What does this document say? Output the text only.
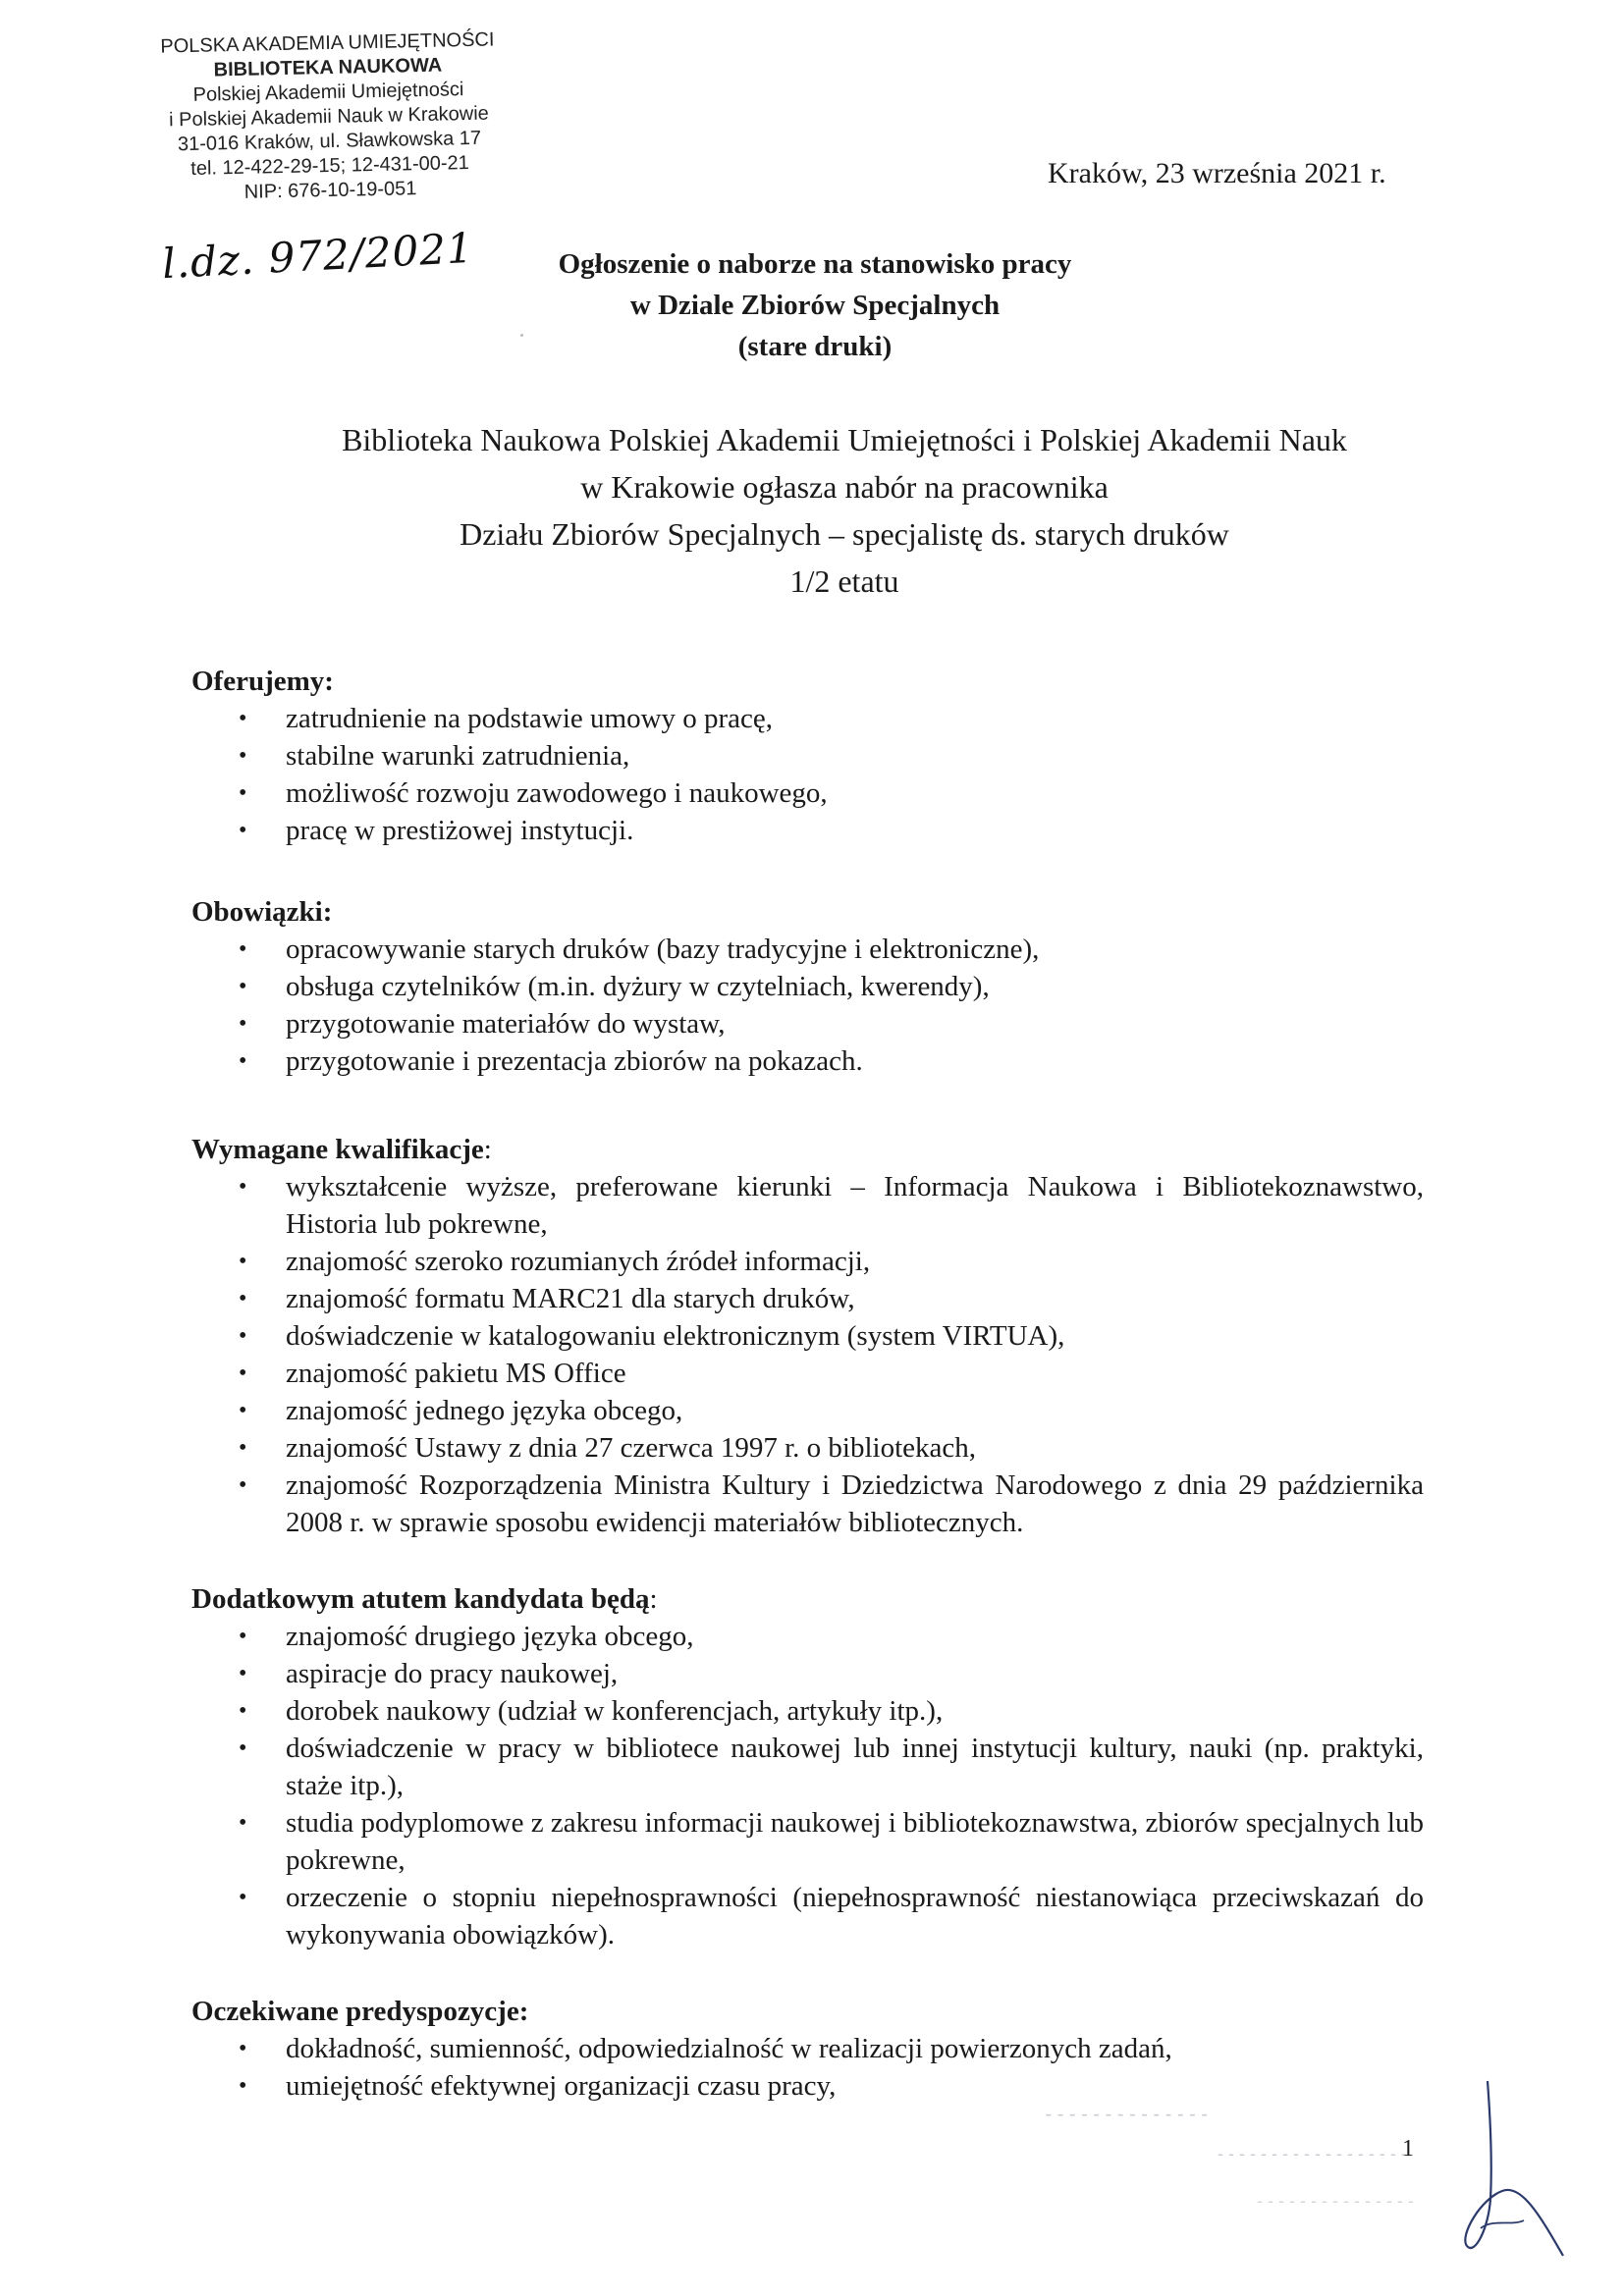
POLSKA AKADEMIA UMIEJĘTNOŚCI
BIBLIOTEKA NAUKOWA
Polskiej Akademii Umiejętności
i Polskiej Akademii Nauk w Krakowie
31-016 Kraków, ul. Sławkowska 17
tel. 12-422-29-15; 12-431-00-21
NIP: 676-10-19-051
l.dz. 972/2021
Kraków, 23 września 2021 r.
Ogłoszenie o naborze na stanowisko pracy
w Dziale Zbiorów Specjalnych
(stare druki)
Biblioteka Naukowa Polskiej Akademii Umiejętności i Polskiej Akademii Nauk
w Krakowie ogłasza nabór na pracownika
Działu Zbiorów Specjalnych – specjalistę ds. starych druków
1/2 etatu
Oferujemy:
• zatrudnienie na podstawie umowy o pracę,
• stabilne warunki zatrudnienia,
• możliwość rozwoju zawodowego i naukowego,
• pracę w prestiżowej instytucji.
Obowiązki:
• opracowywanie starych druków (bazy tradycyjne i elektroniczne),
• obsługa czytelników (m.in. dyżury w czytelniach, kwerendy),
• przygotowanie materiałów do wystaw,
• przygotowanie i prezentacja zbiorów na pokazach.
Wymagane kwalifikacje:
• wykształcenie wyższe, preferowane kierunki – Informacja Naukowa i Bibliotekoznawstwo, Historia lub pokrewne,
• znajomość szeroko rozumianych źródeł informacji,
• znajomość formatu MARC21 dla starych druków,
• doświadczenie w katalogowaniu elektronicznym (system VIRTUA),
• znajomość pakietu MS Office
• znajomość jednego języka obcego,
• znajomość Ustawy z dnia 27 czerwca 1997 r. o bibliotekach,
• znajomość Rozporządzenia Ministra Kultury i Dziedzictwa Narodowego z dnia 29 października 2008 r. w sprawie sposobu ewidencji materiałów bibliotecznych.
Dodatkowym atutem kandydata będą:
• znajomość drugiego języka obcego,
• aspiracje do pracy naukowej,
• dorobek naukowy (udział w konferencjach, artykuły itp.),
• doświadczenie w pracy w bibliotece naukowej lub innej instytucji kultury, nauki (np. praktyki, staże itp.),
• studia podyplomowe z zakresu informacji naukowej i bibliotekoznawstwa, zbiorów specjalnych lub pokrewne,
• orzeczenie o stopniu niepełnosprawności (niepełnosprawność niestanowiąca przeciwskazań do wykonywania obowiązków).
Oczekiwane predyspozycje:
• dokładność, sumienność, odpowiedzialność w realizacji powierzonych zadań,
• umiejętność efektywnej organizacji czasu pracy,
- - - - - - - - - - - - - -
- - - - - - - - - - - - - - - - - -
- - - - - - - - - - - - - - -
1
